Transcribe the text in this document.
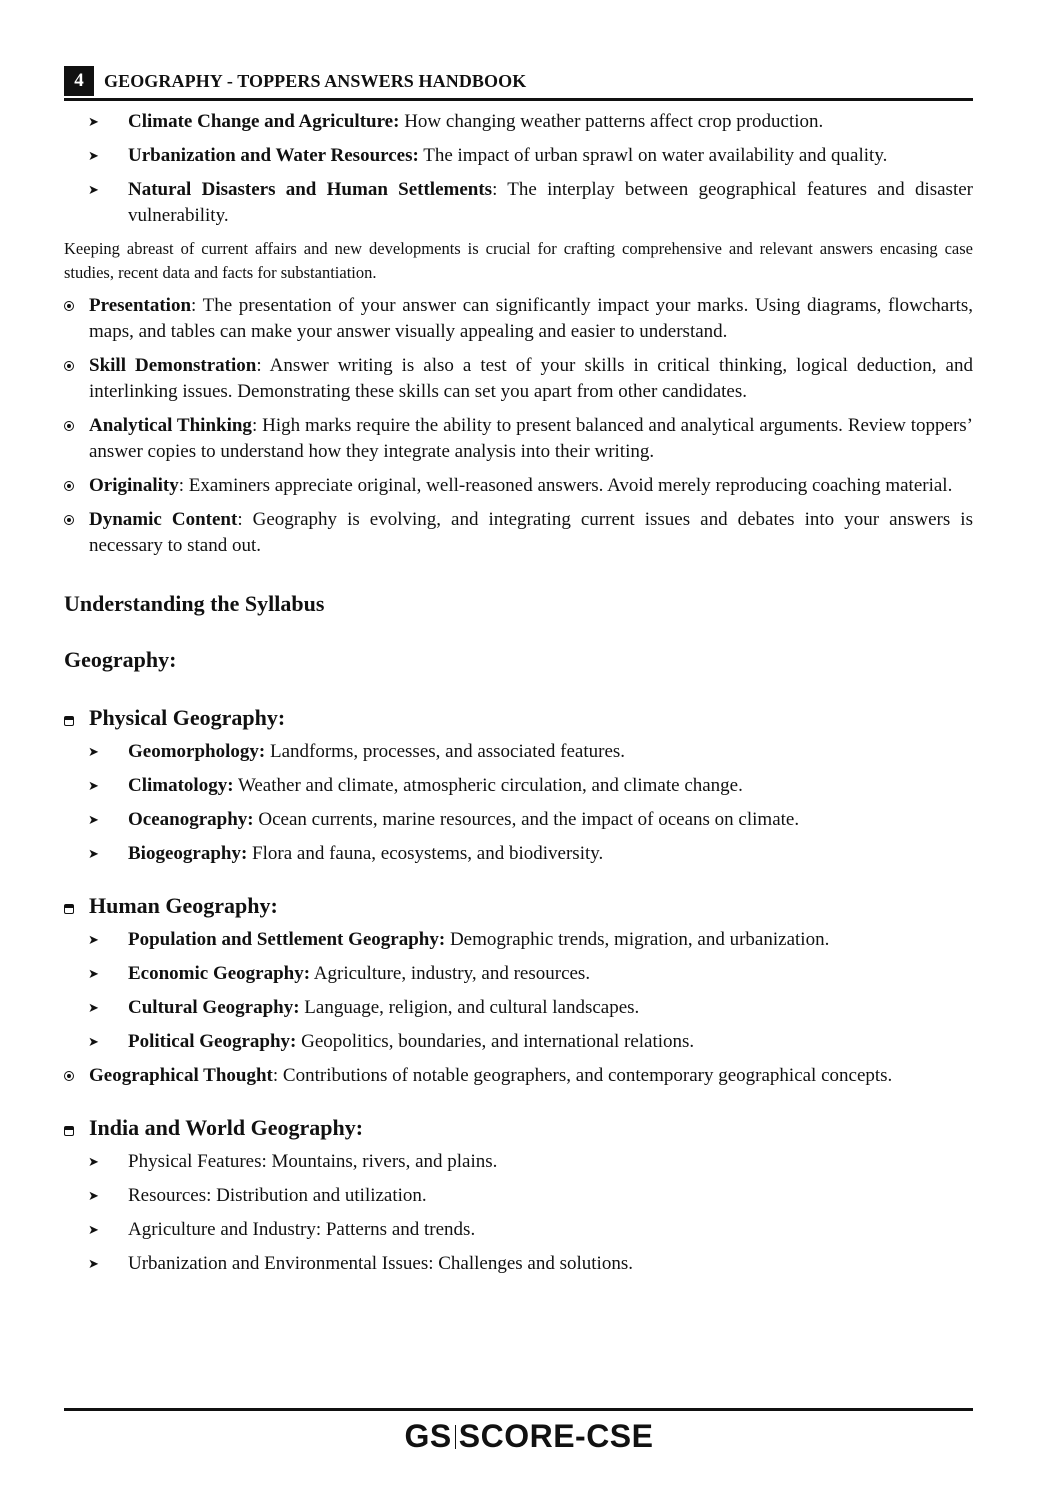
4	GEOGRAPHY - TOPPERS ANSWERS HANDBOOK
➤ Climate Change and Agriculture: How changing weather patterns affect crop production.
➤ Urbanization and Water Resources: The impact of urban sprawl on water availability and quality.
➤ Natural Disasters and Human Settlements: The interplay between geographical features and disaster vulnerability.
Keeping abreast of current affairs and new developments is crucial for crafting comprehensive and relevant answers encasing case studies, recent data and facts for substantiation.
Presentation: The presentation of your answer can significantly impact your marks. Using diagrams, flowcharts, maps, and tables can make your answer visually appealing and easier to understand.
Skill Demonstration: Answer writing is also a test of your skills in critical thinking, logical deduction, and interlinking issues. Demonstrating these skills can set you apart from other candidates.
Analytical Thinking: High marks require the ability to present balanced and analytical arguments. Review toppers’ answer copies to understand how they integrate analysis into their writing.
Originality: Examiners appreciate original, well-reasoned answers. Avoid merely reproducing coaching material.
Dynamic Content: Geography is evolving, and integrating current issues and debates into your answers is necessary to stand out.
Understanding the Syllabus
Geography:
Physical Geography:
➤ Geomorphology: Landforms, processes, and associated features.
➤ Climatology: Weather and climate, atmospheric circulation, and climate change.
➤ Oceanography: Ocean currents, marine resources, and the impact of oceans on climate.
➤ Biogeography: Flora and fauna, ecosystems, and biodiversity.
Human Geography:
➤ Population and Settlement Geography: Demographic trends, migration, and urbanization.
➤ Economic Geography: Agriculture, industry, and resources.
➤ Cultural Geography: Language, religion, and cultural landscapes.
➤ Political Geography: Geopolitics, boundaries, and international relations.
Geographical Thought: Contributions of notable geographers, and contemporary geographical concepts.
India and World Geography:
➤ Physical Features: Mountains, rivers, and plains.
➤ Resources: Distribution and utilization.
➤ Agriculture and Industry: Patterns and trends.
➤ Urbanization and Environmental Issues: Challenges and solutions.
GS SCORE-CSE
